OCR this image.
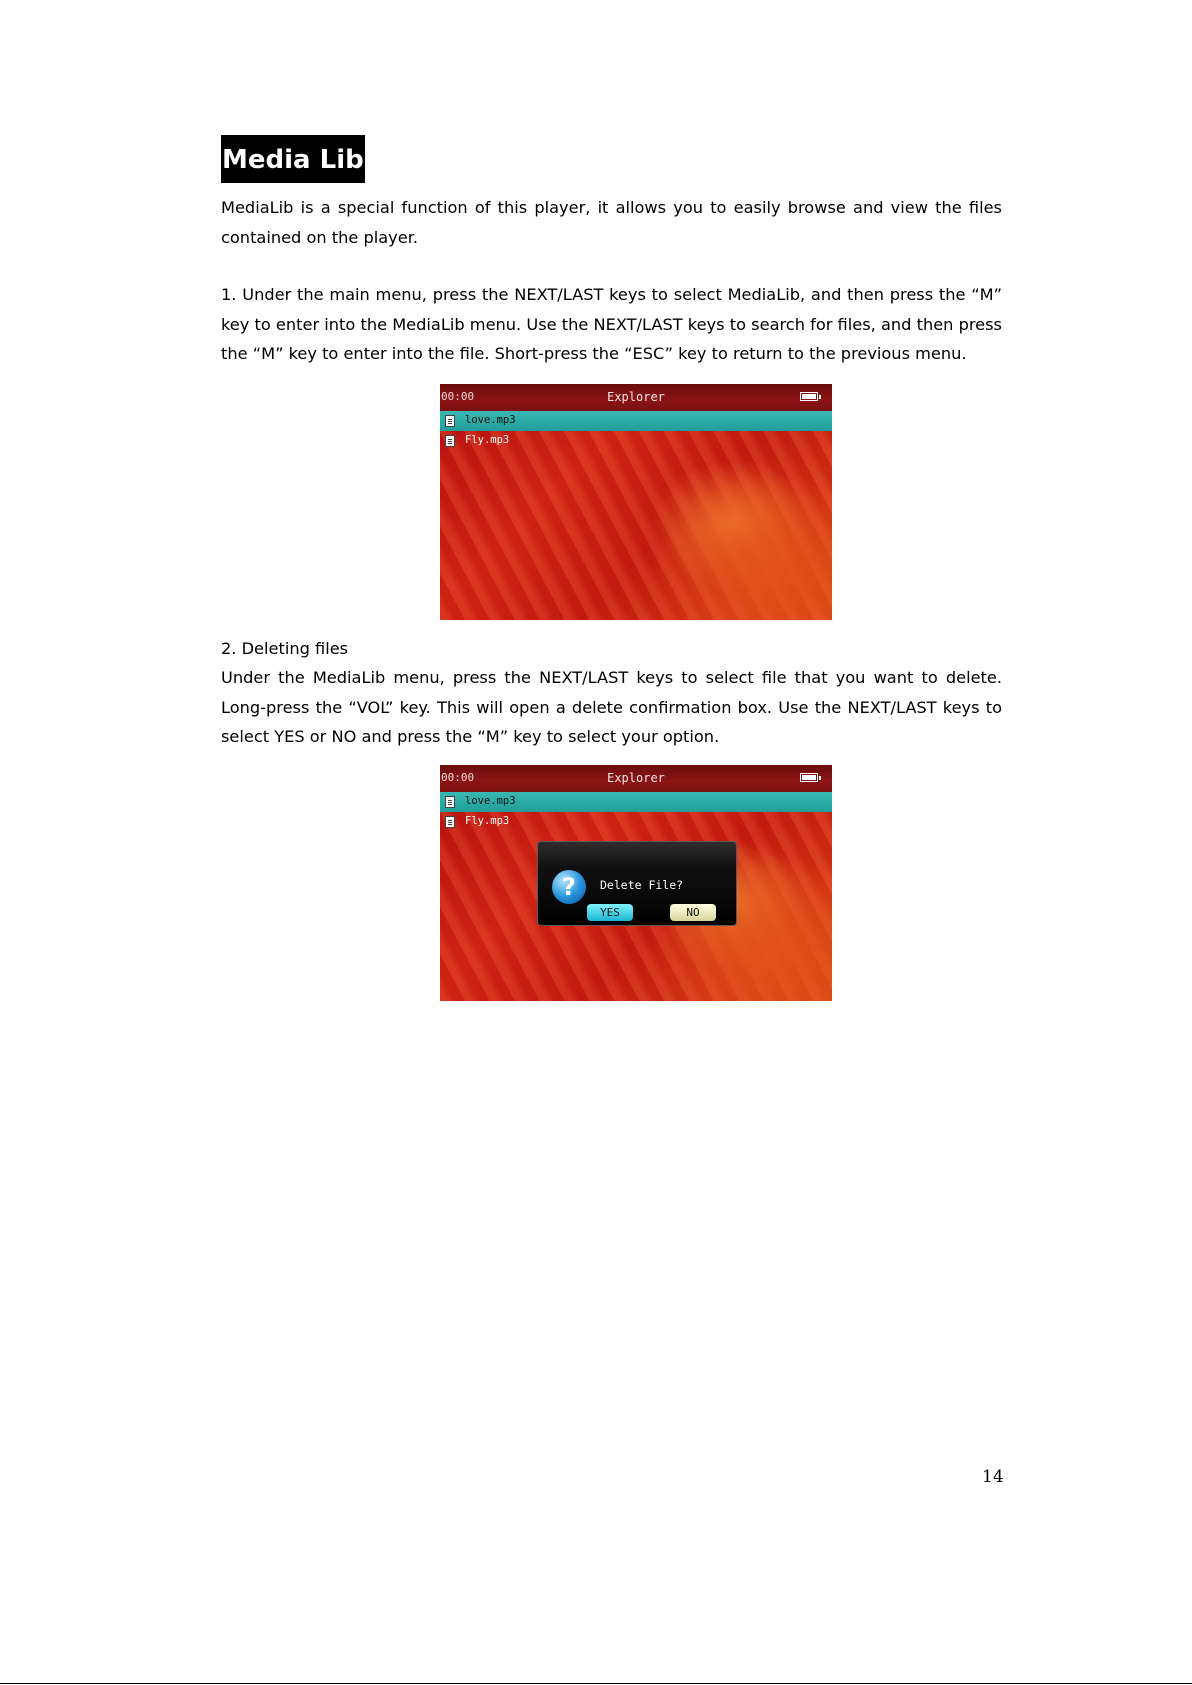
Media Lib

MediaLib is a special function of this player, it allows you to easily browse and view the files contained on the player.

1. Under the main menu, press the NEXT/LAST keys to select MediaLib, and then press the “M” key to enter into the MediaLib menu. Use the NEXT/LAST keys to search for files, and then press the “M” key to enter into the file. Short-press the “ESC” key to return to the previous menu.

00:00	Explorer
love.mp3
Fly.mp3

2. Deleting files

Under the MediaLib menu, press the NEXT/LAST keys to select file that you want to delete. Long-press the “VOL” key. This will open a delete confirmation box. Use the NEXT/LAST keys to select YES or NO and press the “M” key to select your option.

00:00	Explorer
love.mp3
Fly.mp3
?	Delete File?
YES	NO
14
